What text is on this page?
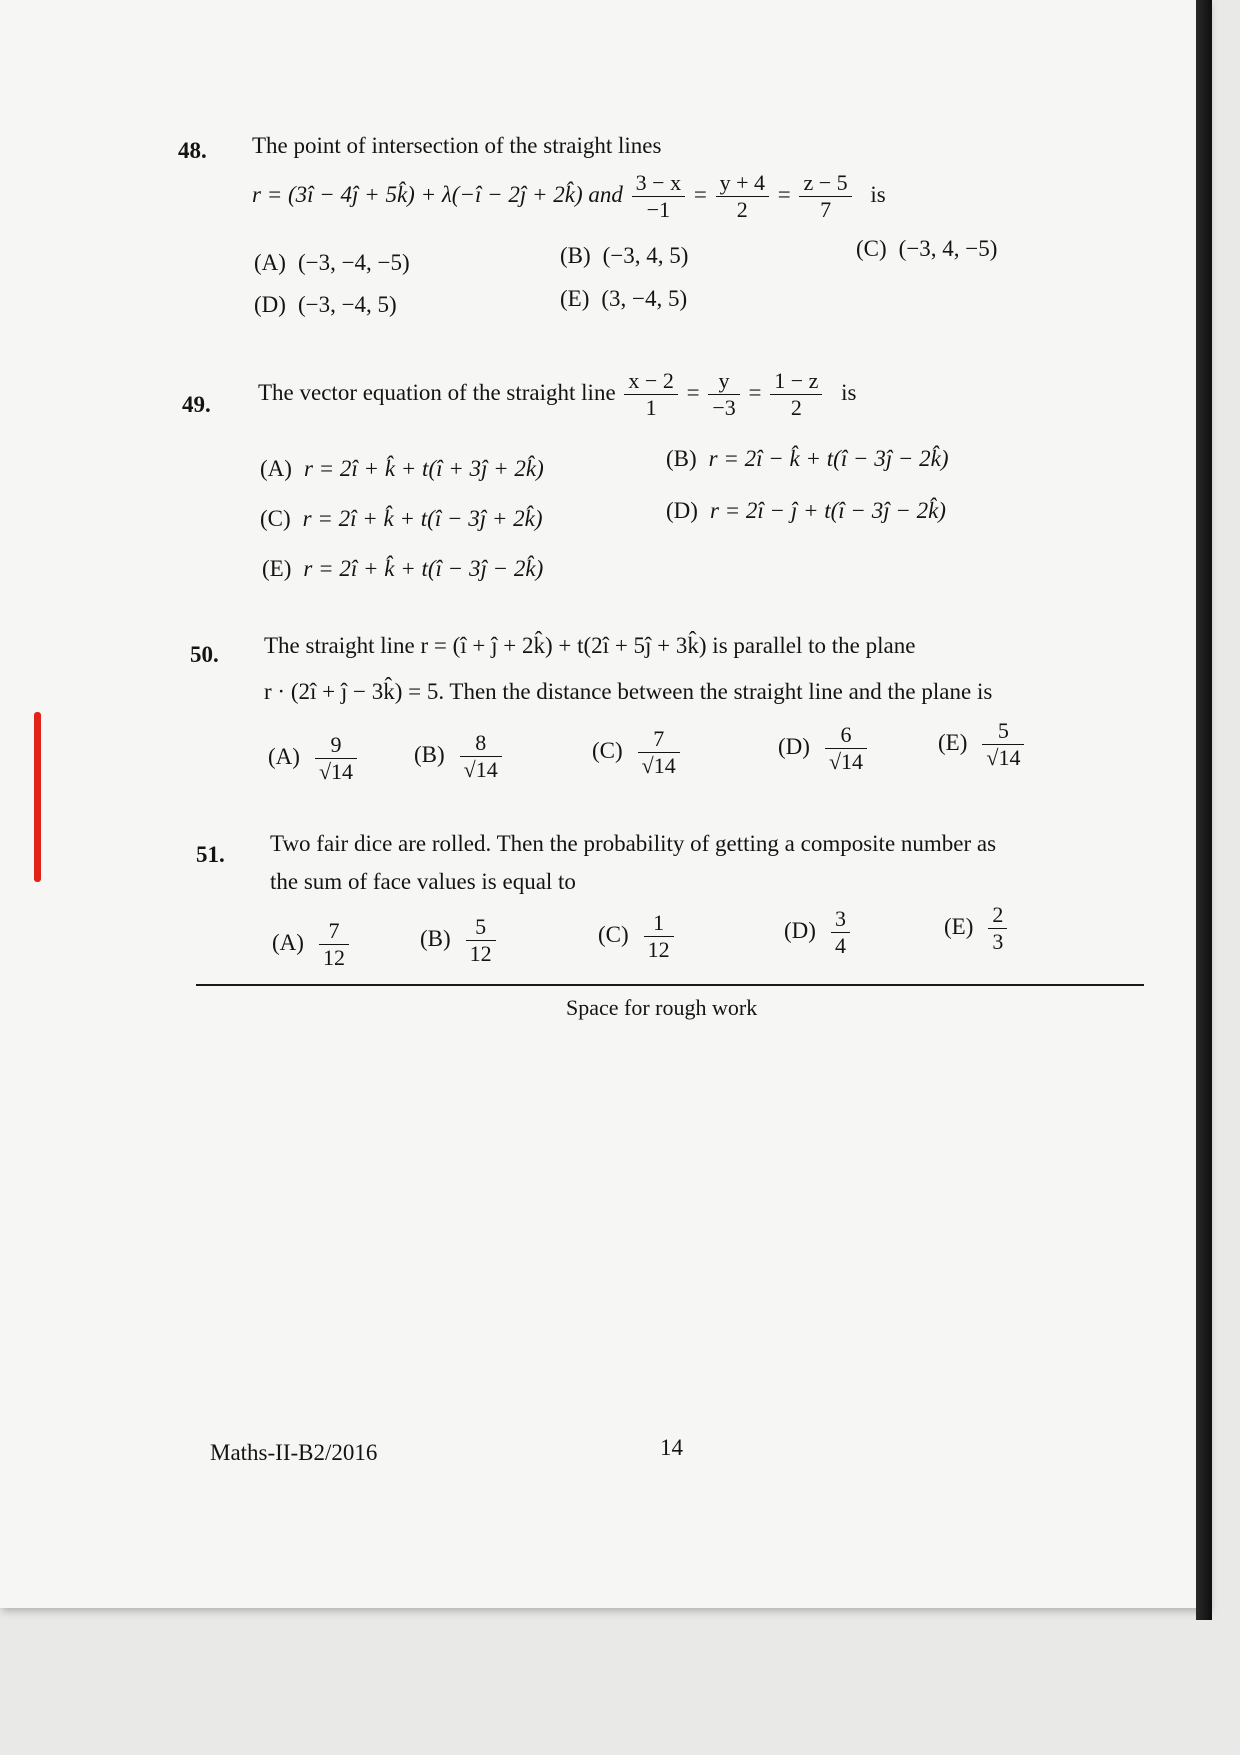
48. The point of intersection of the straight lines
r = (3î − 4ĵ + 5k̂) + λ(−î − 2ĵ + 2k̂) and $\frac{3 - x}{-1} = \frac{y + 4}{2} = \frac{z - 5}{7}$ is
(A) (−3, −4, −5)	(B) (−3, 4, 5)	(C) (−3, 4, −5)
(D) (−3, −4, 5)	(E) (3, −4, 5)
49. The vector equation of the straight line $\frac{x - 2}{1} = \frac{y}{-3} = \frac{1 - z}{2}$ is
(A) r = 2î + k̂ + t(î + 3ĵ + 2k̂)	(B) r = 2î − k̂ + t(î − 3ĵ − 2k̂)
(C) r = 2î + k̂ + t(î − 3ĵ + 2k̂)	(D) r = 2î − ĵ + t(î − 3ĵ − 2k̂)
(E) r = 2î + k̂ + t(î − 3ĵ − 2k̂)
50. The straight line r = (î + ĵ + 2k̂) + t(2î + 5ĵ + 3k̂) is parallel to the plane
r · (2î + ĵ − 3k̂) = 5. Then the distance between the straight line and the plane is
$(A) \frac{9}{√14} (B) \frac{8}{√14}$	$(C) \frac{7}{√14}$	$(D) \frac{6}{√14}$	$(E) \frac{5}{√14}$
51. Two fair dice are rolled. Then the probability of getting a composite number as
the sum of face values is equal to
$(A) \frac{7}{12}$	$(B) \frac{5}{12}$	$(C) \frac{1}{12}$	$(D) \frac{3}{4}$	$(E) \frac{2}{3}$
Space for rough work
Maths-II-B2/2016	14
